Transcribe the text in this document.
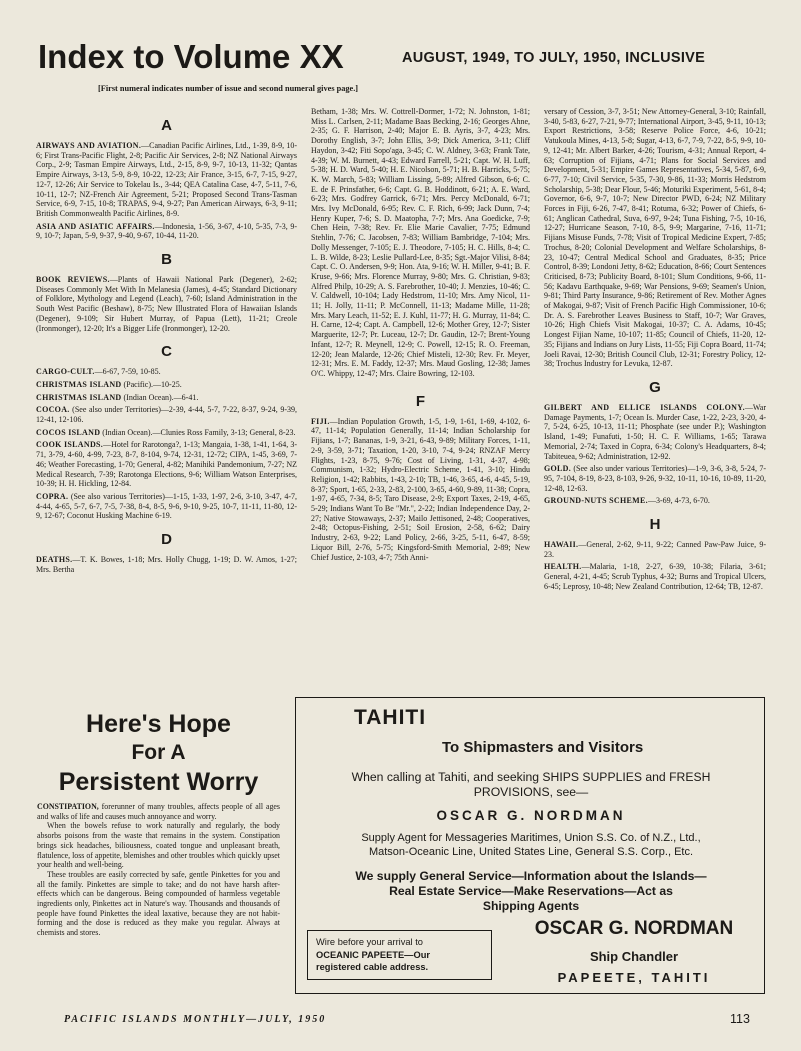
Index to Volume XX	AUGUST, 1949, TO JULY, 1950, INCLUSIVE
[First numeral indicates number of issue and second numeral gives page.]
A

AIRWAYS AND AVIATION.—Canadian Pacific Airlines, Ltd., 1-39, 8-9, 10-6; First Trans-Pacific Flight, 2-8; Pacific Air Services, 2-8; NZ National Airways Corp., 2-9; Tasman Empire Airways, Ltd., 2-15, 8-9, 9-7, 10-13, 11-32; Qantas Empire Airways, 3-13, 5-9, 8-9, 10-22, 12-23; Air France, 3-15, 6-7, 7-15, 9-27, 12-7, 12-26; Air Service to Tokelau Is., 3-44; QEA Catalina Case, 4-7, 5-11, 7-6, 10-11, 12-7; NZ-French Air Agreement, 5-21; Proposed Second Trans-Tasman Service, 6-9, 7-15, 10-8; TRAPAS, 9-4, 9-27; Pan American Airways, 6-3, 9-11; British Commonwealth Pacific Airlines, 8-9.

ASIA AND ASIATIC AFFAIRS.—Indonesia, 1-56, 3-67, 4-10, 5-35, 7-3, 9-9, 10-7; Japan, 5-9, 9-37, 9-40, 9-67, 10-44, 11-20.

B

BOOK REVIEWS.—Plants of Hawaii National Park (Degener), 2-62; Diseases Commonly Met With In Melanesia (James), 4-45; Standard Dictionary of Folklore, Mythology and Legend (Leach), 7-60; Island Administration in the South West Pacific (Beshaw), 8-75; New Illustrated Flora of Hawaiian Islands (Degener), 9-109; Sir Hubert Murray, of Papua (Lett), 11-21; Creole (Ironmonger), 12-20; It's a Bigger Life (Ironmonger), 12-20.

C

CARGO-CULT.—6-67, 7-59, 10-85.

CHRISTMAS ISLAND (Pacific).—10-25.

CHRISTMAS ISLAND (Indian Ocean).—6-41.

COCOA. (See also under Territories)—2-39, 4-44, 5-7, 7-22, 8-37, 9-24, 9-39, 12-41, 12-106.

COCOS ISLAND (Indian Ocean).—Clunies Ross Family, 3-13; General, 8-23.

COOK ISLANDS.—Hotel for Rarotonga?, 1-13; Mangaia, 1-38, 1-41, 1-64, 3-71, 3-79, 4-60, 4-99, 7-23, 8-7, 8-104, 9-74, 12-31, 12-72; CIPA, 1-45, 3-69, 7-46; Weather Forecasting, 1-70; General, 4-82; Manihiki Pandemonium, 7-27; NZ Medical Research, 7-39; Rarotonga Elections, 9-6; William Watson Enterprises, 10-39; H. H. Hickling, 12-84.

COPRA. (See also various Territories)—1-15, 1-33, 1-97, 2-6, 3-10, 3-47, 4-7, 4-44, 4-65, 5-7, 6-7, 7-5, 7-38, 8-4, 8-5, 9-6, 9-10, 9-25, 10-7, 11-11, 11-80, 12-9, 12-67; Coconut Husking Machine 6-19.

D

DEATHS.—T. K. Bowes, 1-18; Mrs. Holly Chugg, 1-19; D. W. Amos, 1-27; Mrs. Bertha

Betham, 1-38; Mrs. W. Cottrell-Dormer, 1-72; N. Johnston, 1-81; Miss L. Carlsen, 2-11; Madame Baas Becking, 2-16; Georges Ahne, 2-35; G. F. Harrison, 2-40; Major E. B. Ayris, 3-7, 4-23; Mrs. Dorothy English, 3-7; John Ellis, 3-9; Dick America, 3-11; Cliff Haydon, 3-42; Fiti Sopo'aga, 3-45; C. W. Aldney, 3-63; Frank Tate, 4-39; W. M. Burnett, 4-43; Edward Farrell, 5-21; Capt. W. H. Luff, 5-38; H. D. Ward, 5-40; H. E. Nicolson, 5-71; H. B. Harricks, 5-75; K. W. March, 5-83; William Lissing, 5-89; Alfred Gibson, 6-6; C. E. de F. Prinsfather, 6-6; Capt. G. B. Hoddinott, 6-21; A. E. Ward, 6-23; Mrs. Godfrey Garrick, 6-71; Mrs. Percy McDonald, 6-71; Mrs. Ivy McDonald, 6-95; Rev. C. F. Rich, 6-99; Jack Dunn, 7-4; Henry Kuper, 7-6; S. D. Maatopha, 7-7; Mrs. Ana Goedicke, 7-9; Chen Hein, 7-38; Rev. Fr. Elie Marie Cavalier, 7-75; Edmund Stehlin, 7-76; C. Jacobsen, 7-83; William Bambridge, 7-104; Mrs. Dolly Messenger, 7-105; E. J. Theodore, 7-105; H. C. Hills, 8-4; C. L. B. Wilde, 8-23; Leslie Pullard-Lee, 8-35; Sgt.-Major Vilisi, 8-84; Capt. C. O. Andersen, 9-9; Hon. Ata, 9-16; W. H. Miller, 9-41; B. F. Kruse, 9-66; Mrs. Florence Murray, 9-80; Mrs. G. Christian, 9-83; Alfred Philp, 10-29; A. S. Farebrother, 10-40; J. Menzies, 10-46; C. V. Caldwell, 10-104; Lady Hedstrom, 11-10; Mrs. Amy Nicol, 11-11; H. Jolly, 11-11; P. McConnell, 11-13; Madame Mille, 11-28; Mrs. Mary Leach, 11-52; E. J. Kuhl, 11-77; H. G. Murray, 11-84; C. H. Carne, 12-4; Capt. A. Campbell, 12-6; Mother Grey, 12-7; Sister Marguerite, 12-7; Pr. Luceau, 12-7; Dr. Gaudin, 12-7; Brent-Young Infant, 12-7; R. Meynell, 12-9; C. Powell, 12-15; R. O. Freeman, 12-20; Jean Malarde, 12-26; Chief Misteli, 12-30; Rev. Fr. Meyer, 12-31; Mrs. E. M. Faddy, 12-37; Mrs. Maud Gosling, 12-38; James O'C. Whippy, 12-47; Mrs. Claire Bowring, 12-103.

F

FIJI.—Indian Population Growth, 1-5, 1-9, 1-61, 1-69, 4-102, 6-47, 11-14; Population Generally, 11-14; Indian Scholarship for Fijians, 1-7; Bananas, 1-9, 3-21, 6-43, 9-89; Military Forces, 1-11, 2-9, 3-59, 3-71; Taxation, 1-20, 3-10, 7-4, 9-24; RNZAF Mercy Flights, 1-23, 8-75, 9-76; Cost of Living, 1-31, 4-37, 4-98; Communism, 1-32; Hydro-Electric Scheme, 1-41, 3-10; Hindu Religion, 1-42; Rabbits, 1-43, 2-10; TB, 1-46, 3-65, 4-6, 4-45, 5-19, 8-37; Sport, 1-65, 2-33, 2-83, 2-100, 3-65, 4-60, 9-89, 11-38; Copra, 1-97, 4-65, 7-34, 8-5; Taro Disease, 2-9; Export Taxes, 2-19, 4-65, 5-29; Indians Want To Be "Mr.", 2-22; Indian Independence Day, 2-27; Native Stowaways, 2-37; Mailo Jettisoned, 2-48; Cooperatives, 2-48; Octopus-Fishing, 2-51; Soil Erosion, 2-58, 6-62; Dairy Industry, 2-63, 9-22; Land Policy, 2-66, 3-25, 5-11, 6-47, 8-59; Liquor Bill, 2-76, 5-75; Kingsford-Smith Memorial, 2-89; New Chief Justice, 2-103, 4-7; 75th Anni-

versary of Cession, 3-7, 3-51; New Attorney-General, 3-10; Rainfall, 3-40, 5-83, 6-27, 7-21, 9-77; International Airport, 3-45, 9-11, 10-13; Export Restrictions, 3-58; Reserve Police Force, 4-6, 10-21; Vatukoula Mines, 4-13, 5-8; Sugar, 4-13, 6-7, 7-9, 7-22, 8-5, 9-9, 10-9, 12-41; Mr. Albert Barker, 4-26; Tourism, 4-31; Annual Report, 4-63; Corruption of Fijians, 4-71; Plans for Social Services and Development, 5-31; Empire Games Representatives, 5-34, 5-87, 6-9, 6-77, 7-10; Civil Service, 5-35, 7-30, 9-86, 11-33; Morris Hedstrom Scholarship, 5-38; Dear Flour, 5-46; Moturiki Experiment, 5-61, 8-4; Governor, 6-6, 9-7, 10-7; New Director PWD, 6-24; NZ Military Forces in Fiji, 6-26, 7-47, 8-41; Rotuma, 6-32; Power of Chiefs, 6-61; Anglican Cathedral, Suva, 6-97, 9-24; Tuna Fishing, 7-5, 10-16, 12-27; Hurricane Season, 7-10, 8-5, 9-9; Margarine, 7-16, 11-71; Fijians Misuse Funds, 7-78; Visit of Tropical Medicine Expert, 7-85; Trochus, 8-20; Colonial Development and Welfare Scholarships, 8-23, 10-47; Central Medical School and Graduates, 8-35; Price Control, 8-39; Londoni Jetty, 8-62; Education, 8-66; Court Sentences Criticised, 8-73; Publicity Board, 8-101; Slum Conditions, 9-66, 11-56; Kadavu Earthquake, 9-69; War Pensions, 9-69; Seamen's Union, 9-81; Third Party Insurance, 9-86; Retirement of Rev. Mother Agnes of Makogai, 9-87; Visit of French Pacific High Commissioner, 10-6; Dr. A. S. Farebrother Leaves Business to Staff, 10-7; War Graves, 10-26; High Chiefs Visit Makogai, 10-37; C. A. Adams, 10-45; Longest Fijian Name, 10-107; 11-85; Council of Chiefs, 11-20, 12-35; Fijians and Indians on Jury Lists, 11-55; Fiji Copra Board, 11-74; Joeli Ravai, 12-30; British Council Club, 12-31; Forestry Policy, 12-38; Trochus Industry for Levuka, 12-87.

G

GILBERT AND ELLICE ISLANDS COLONY.—War Damage Payments, 1-7; Ocean Is. Murder Case, 1-22, 2-23, 3-20, 4-7, 5-24, 6-25, 10-13, 11-11; Phosphate (see under P.); Washington Island, 1-49; Funafuti, 1-50; H. C. F. Williams, 1-65; Tarawa Memorial, 2-74; Taxed in Copra, 6-34; Colony's Headquarters, 8-4; Tabiteuea, 9-62; Administration, 12-92.

GOLD. (See also under various Territories)—1-9, 3-6, 3-8, 5-24, 7-95, 7-104, 8-19, 8-23, 8-103, 9-26, 9-32, 10-11, 10-16, 10-89, 11-20, 12-48, 12-63.

GROUND-NUTS SCHEME.—3-69, 4-73, 6-70.

H

HAWAII.—General, 2-62, 9-11, 9-22; Canned Paw-Paw Juice, 9-23.

HEALTH.—Malaria, 1-18, 2-27, 6-39, 10-38; Filaria, 3-61; General, 4-21, 4-45; Scrub Typhus, 4-32; Burns and Tropical Ulcers, 6-45; Leprosy, 10-48; New Zealand Contribution, 12-64; TB, 12-87.

Here's Hope
For A
Persistent Worry

CONSTIPATION, forerunner of many troubles, affects people of all ages and walks of life and causes much annoyance and worry.

When the bowels refuse to work naturally and regularly, the body absorbs poisons from the waste that remains in the system. Constipation brings sick headaches, biliousness, coated tongue and unpleasant breath, flatulence, loss of appetite, blemishes and other troubles which quickly upset your health and well-being.

These troubles are easily corrected by safe, gentle Pinkettes for you and all the family. Pinkettes are simple to take; and do not have harsh after-effects which can be dangerous. Being compounded of harmless vegetable ingredients only, Pinkettes act in Nature's way. Thousands and thousands of people have found Pinkettes the ideal laxative, because they are not habit-forming and the dose is reduced as they make you regular. Always at chemists and stores.

TAHITI
To Shipmasters and Visitors
When calling at Tahiti, and seeking SHIPS SUPPLIES and FRESH
PROVISIONS, see—
OSCAR G. NORDMAN
Supply Agent for Messageries Maritimes, Union S.S. Co. of N.Z., Ltd.,
Matson-Oceanic Line, United States Line, General S.S. Corp., Etc.
We supply General Service—Information about the Islands—
Real Estate Service—Make Reservations—Act as
Shipping Agents
Wire before your arrival to
OCEANIC PAPEETE—Our
registered cable address.
OSCAR G. NORDMAN
Ship Chandler
PAPEETE, TAHITI
PACIFIC ISLANDS MONTHLY—JULY, 1950	113
